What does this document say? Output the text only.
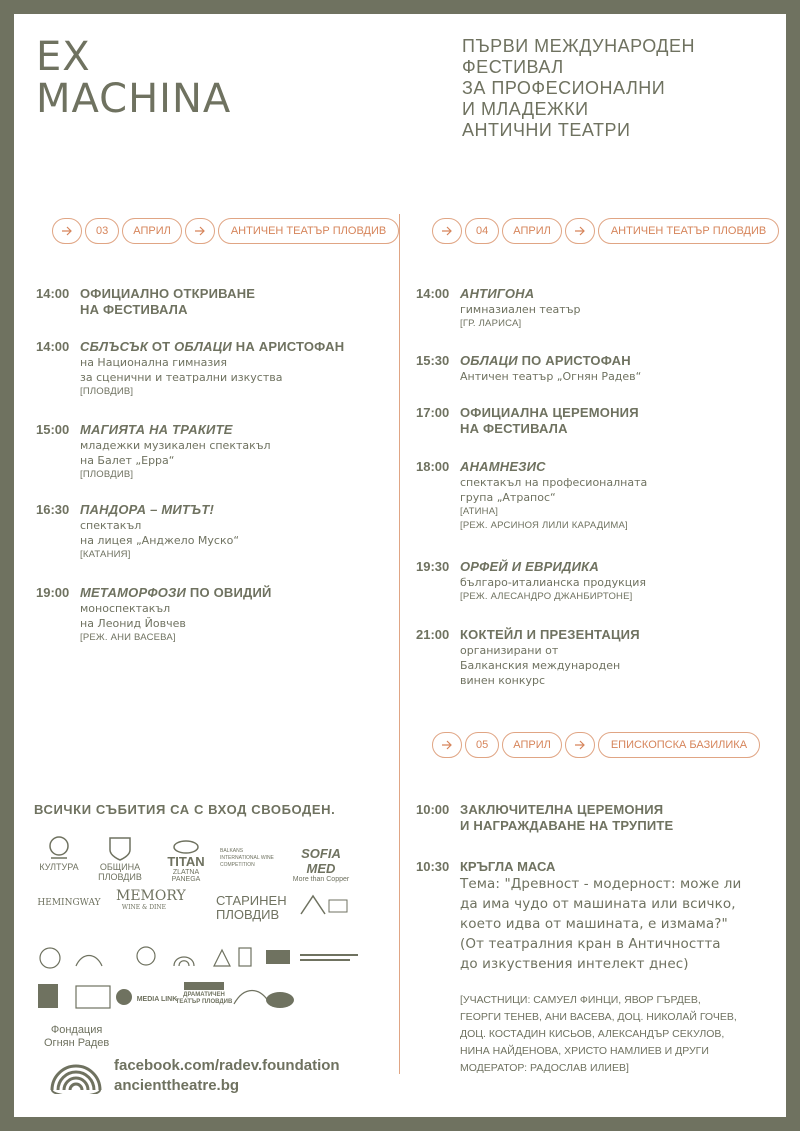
EX
MACHINA
ПЪРВИ МЕЖДУНАРОДЕН
ФЕСТИВАЛ
ЗА ПРОФЕСИОНАЛНИ
И МЛАДЕЖКИ
АНТИЧНИ ТЕАТРИ
03	АПРИЛ	АНТИЧЕН ТЕАТЪР ПЛОВДИВ	04	АПРИЛ	АНТИЧЕН ТЕАТЪР ПЛОВДИВ
14:00 ОФИЦИАЛНО ОТКРИВАНЕ
НА ФЕСТИВАЛА
14:00 СБЛЪСЪК ОТ ОБЛАЦИ НА АРИСТОФАН
на Национална гимназия
за сценични и театрални изкуства
[ПЛОВДИВ]
15:00 МАГИЯТА НА ТРАКИТЕ
младежки музикален спектакъл
на Балет „Ерра“
[ПЛОВДИВ]
16:30 ПАНДОРА – МИТЪТ!
спектакъл
на лицея „Анджело Муско“
[КАТАНИЯ]
19:00 МЕТАМОРФОЗИ ПО ОВИДИЙ
моноспектакъл
на Леонид Йовчев
[РЕЖ. АНИ ВАСЕВА]
14:00 АНТИГОНА
гимназиален театър
[ГР. ЛАРИСА]
15:30 ОБЛАЦИ ПО АРИСТОФАН
Античен театър „Огнян Радев“
17:00 ОФИЦИАЛНА ЦЕРЕМОНИЯ
НА ФЕСТИВАЛА
18:00 АНАМНЕЗИС
спектакъл на професионалната
група „Атрапос“
[АТИНА]
[РЕЖ. АРСИНОЯ ЛИЛИ КАРАДИМА]
19:30 ОРФЕЙ И ЕВРИДИКА
българо-италианска продукция
[РЕЖ. АЛЕСАНДРО ДЖАНБИРТОНЕ]
21:00 КОКТЕЙЛ И ПРЕЗЕНТАЦИЯ
организирани от
Балканския международен
винен конкурс
05	АПРИЛ	ЕПИСКОПСКА БАЗИЛИКА
10:00 ЗАКЛЮЧИТЕЛНА ЦЕРЕМОНИЯ
И НАГРАЖДАВАНЕ НА ТРУПИТЕ
10:30 КРЪГЛА МАСА
Тема: "Древност - модерност: може ли
да има чудо от машината или всичко,
което идва от машината, е измама?"
(От театралния кран в Античността
до изкуствения интелект днес)
[УЧАСТНИЦИ: САМУЕЛ ФИНЦИ, ЯВОР ГЪРДЕВ,
ГЕОРГИ ТЕНЕВ, АНИ ВАСЕВА, ДОЦ. НИКОЛАЙ ГОЧЕВ,
ДОЦ. КОСТАДИН КИСЬОВ, АЛЕКСАНДЪР СЕКУЛОВ,
НИНА НАЙДЕНОВА, ХРИСТО НАМЛИЕВ И ДРУГИ
МОДЕРАТОР: РАДОСЛАВ ИЛИЕВ]
ВСИЧКИ СЪБИТИЯ СА С ВХОД СВОБОДЕН.
КУЛТУРА	ОБЩИНА ПЛОВДИВ
TITAN
ZLATNA PANEGA
BALKANS INTERNATIONAL WINE COMPETITION
SOFIA MED
More than Copper
HEMINGWAY MEMORY
WINE & DINE	СТАРИНЕН ПЛОВДИВ
MEDIA LINK
ДРАМАТИЧЕН ТЕАТЪР ПЛОВДИВ
Фондация
Огнян Радев
facebook.com/radev.foundation
ancienttheatre.bg
